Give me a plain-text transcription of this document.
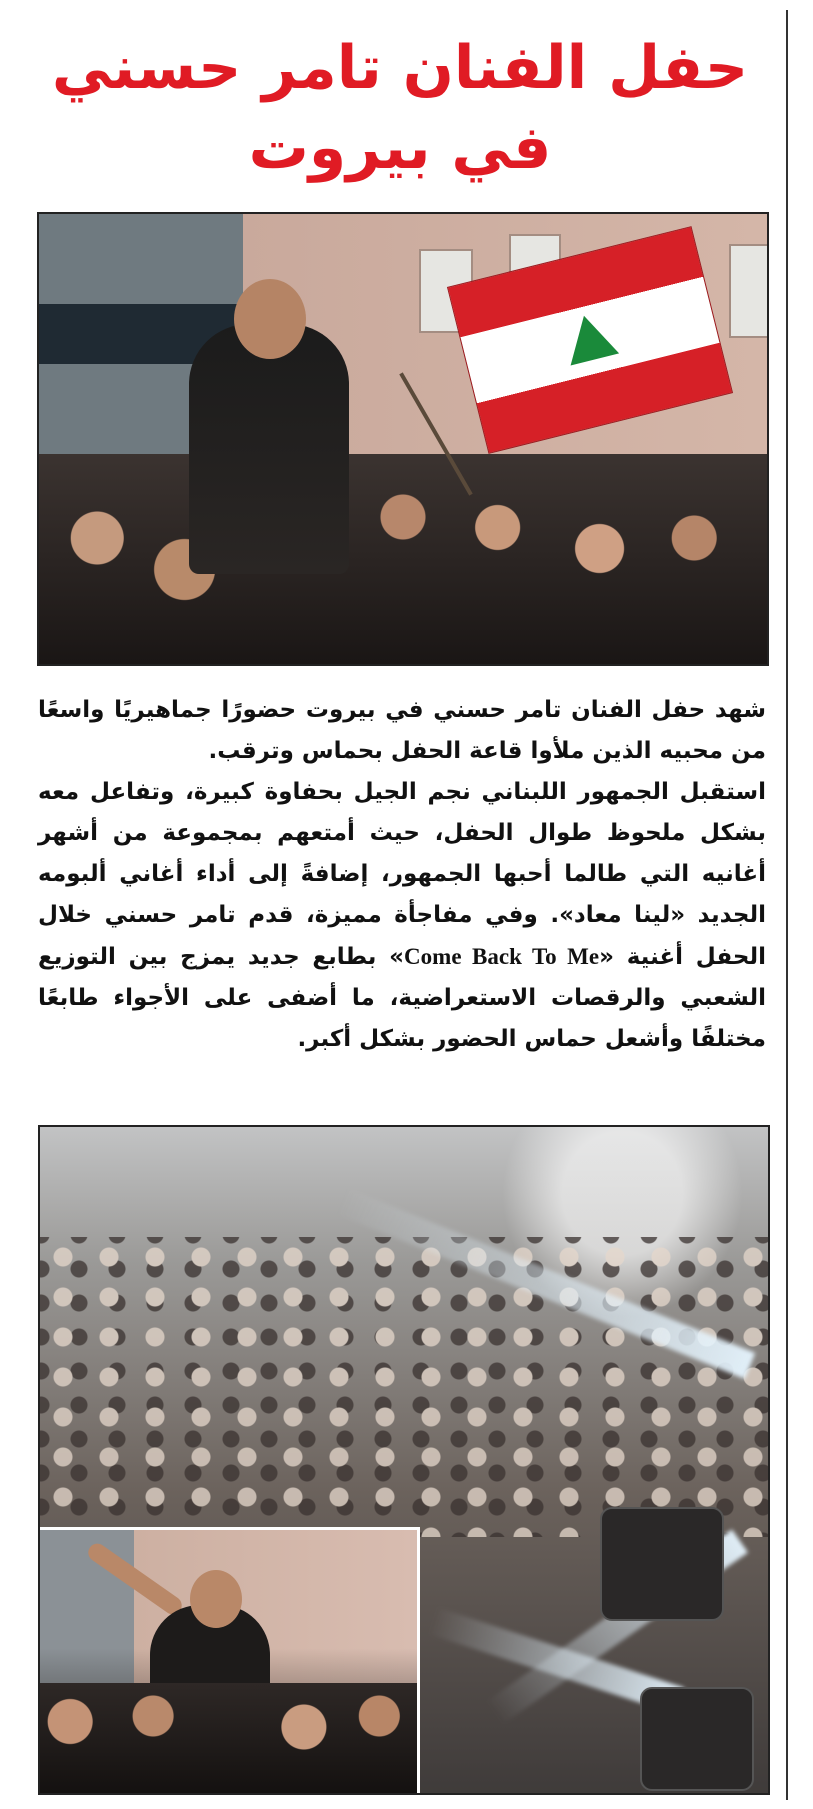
حفل الفنان تامر حسني
في بيروت

شهد حفل الفنان تامر حسني في بيروت حضورًا جماهيريًا واسعًا من محبيه الذين ملأوا قاعة الحفل بحماس وترقب.

استقبل الجمهور اللبناني نجم الجيل بحفاوة كبيرة، وتفاعل معه بشكل ملحوظ طوال الحفل، حيث أمتعهم بمجموعة من أشهر أغانيه التي طالما أحبها الجمهور، إضافةً إلى أداء أغاني ألبومه الجديد «لينا معاد». وفي مفاجأة مميزة، قدم تامر حسني خلال الحفل أغنية «Come Back To Me» بطابع جديد يمزج بين التوزيع الشعبي والرقصات الاستعراضية، ما أضفى على الأجواء طابعًا مختلفًا وأشعل حماس الحضور بشكل أكبر.
